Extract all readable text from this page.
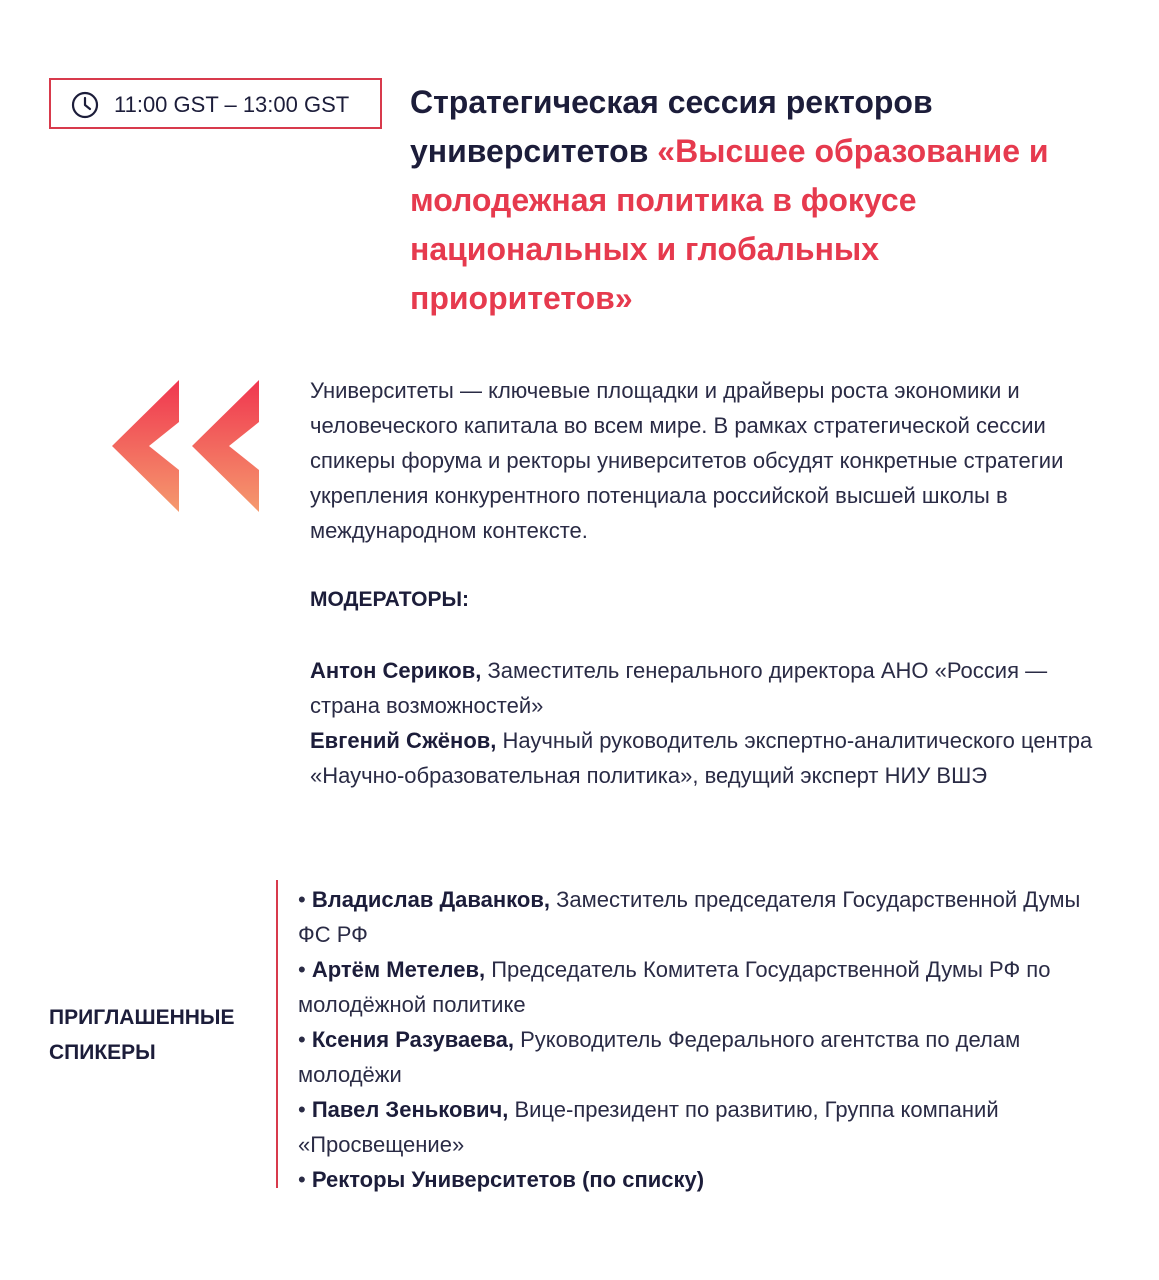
11:00 GST – 13:00 GST Стратегическая сессия ректоров университетов «Высшее образование и молодежная политика в фокусе национальных и глобальных приоритетов»

Университеты — ключевые площадки и драйверы роста экономики и человеческого капитала во всем мире. В рамках стратегической сессии спикеры форума и ректоры университетов обсудят конкретные стратегии укрепления конкурентного потенциала российской высшей школы в международном контексте.

МОДЕРАТОРЫ:
Антон Сериков, Заместитель генерального директора АНО «Россия — страна возможностей»
Евгений Сжёнов, Научный руководитель экспертно-аналитического центра «Научно-образовательная политика», ведущий эксперт НИУ ВШЭ
ПРИГЛАШЕННЫЕ СПИКЕРЫ
• Владислав Даванков, Заместитель председателя Государственной Думы ФС РФ
• Артём Метелев, Председатель Комитета Государственной Думы РФ по молодёжной политике
• Ксения Разуваева, Руководитель Федерального агентства по делам молодёжи
• Павел Зенькович, Вице-президент по развитию, Группа компаний «Просвещение»
• Ректоры Университетов (по списку)
